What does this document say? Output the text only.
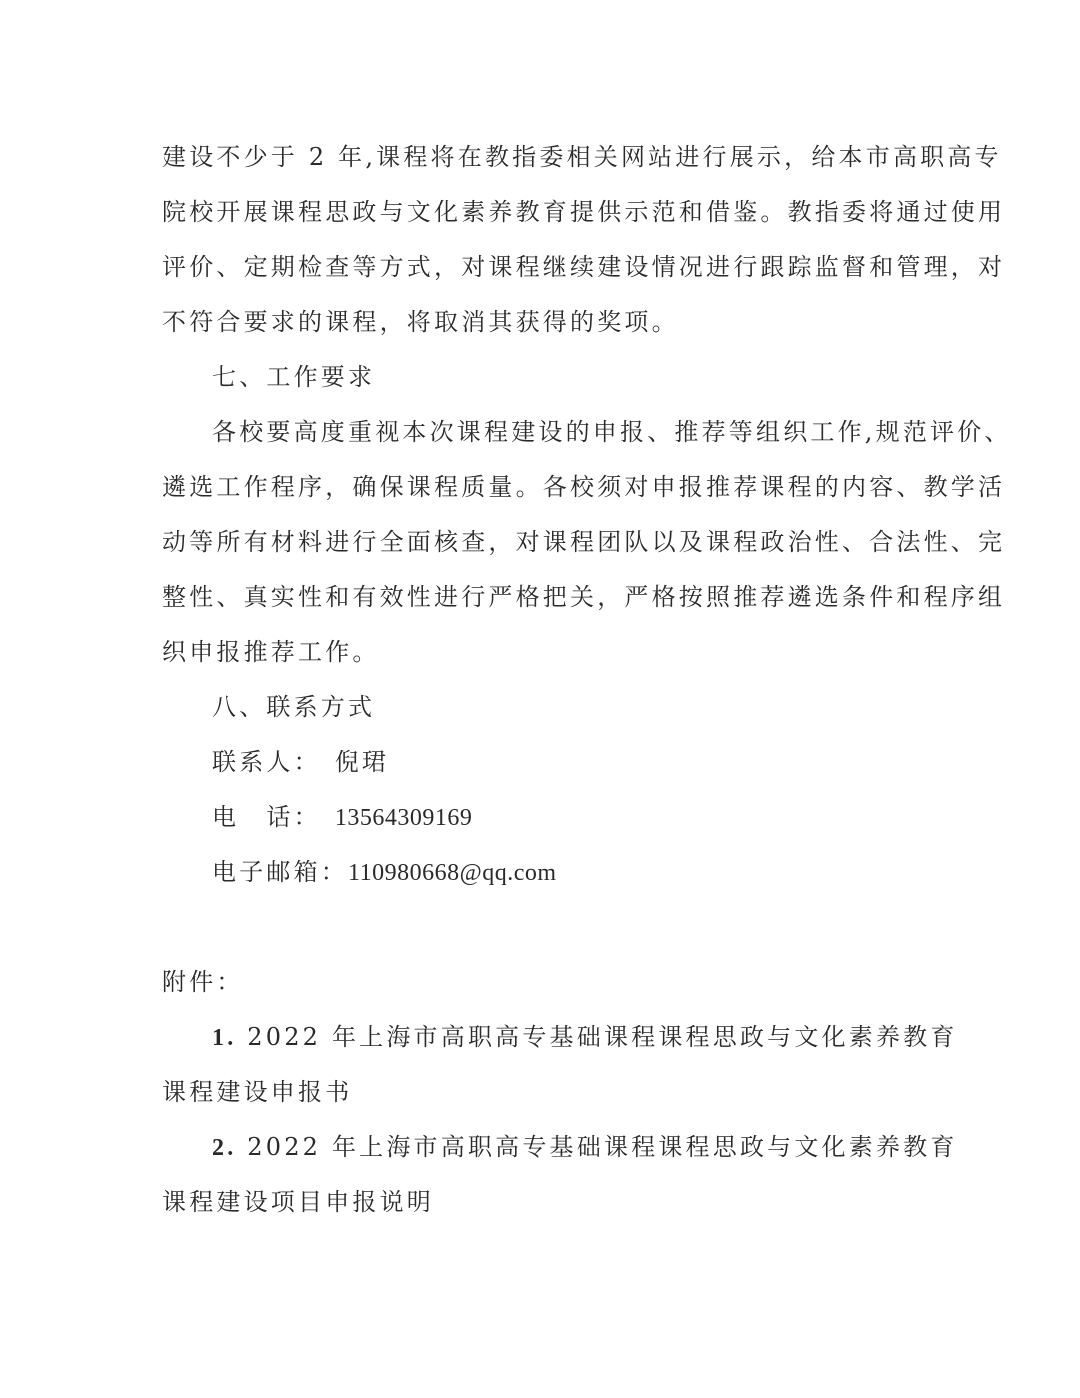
建设不少于 2 年,课程将在教指委相关网站进行展示，给本市高职高专
院校开展课程思政与文化素养教育提供示范和借鉴。教指委将通过使用
评价、定期检查等方式，对课程继续建设情况进行跟踪监督和管理，对
不符合要求的课程，将取消其获得的奖项。
七、工作要求
各校要高度重视本次课程建设的申报、推荐等组织工作,规范评价、
遴选工作程序，确保课程质量。各校须对申报推荐课程的内容、教学活
动等所有材料进行全面核查，对课程团队以及课程政治性、合法性、完
整性、真实性和有效性进行严格把关，严格按照推荐遴选条件和程序组
织申报推荐工作。
八、联系方式
联系人： 倪珺
电　话： 13564309169
电子邮箱：110980668@qq.com
附件：
1. 2022 年上海市高职高专基础课程课程思政与文化素养教育
课程建设申报书
2. 2022 年上海市高职高专基础课程课程思政与文化素养教育
课程建设项目申报说明
